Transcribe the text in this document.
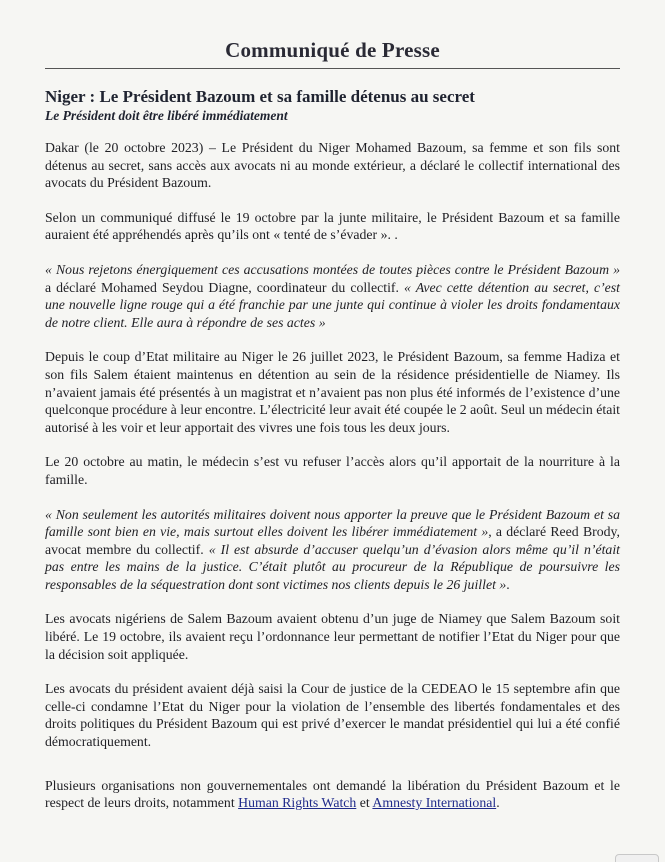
Communiqué de Presse
Niger : Le Président Bazoum et sa famille détenus au secret
Le Président doit être libéré immédiatement

Dakar (le 20 octobre 2023) – Le Président du Niger Mohamed Bazoum, sa femme et son fils sont détenus au secret, sans accès aux avocats ni au monde extérieur, a déclaré le collectif international des avocats du Président Bazoum.

Selon un communiqué diffusé le 19 octobre par la junte militaire, le Président Bazoum et sa famille auraient été appréhendés après qu’ils ont « tenté de s’évader ». .

« Nous rejetons énergiquement ces accusations montées de toutes pièces contre le Président Bazoum » a déclaré Mohamed Seydou Diagne, coordinateur du collectif. « Avec cette détention au secret, c’est une nouvelle ligne rouge qui a été franchie par une junte qui continue à violer les droits fondamentaux de notre client. Elle aura à répondre de ses actes »

Depuis le coup d’Etat militaire au Niger le 26 juillet 2023, le Président Bazoum, sa femme Hadiza et son fils Salem étaient maintenus en détention au sein de la résidence présidentielle de Niamey. Ils n’avaient jamais été présentés à un magistrat et n’avaient pas non plus été informés de l’existence d’une quelconque procédure à leur encontre. L’électricité leur avait été coupée le 2 août. Seul un médecin était autorisé à les voir et leur apportait des vivres une fois tous les deux jours.

Le 20 octobre au matin, le médecin s’est vu refuser l’accès alors qu’il apportait de la nourriture à la famille.

« Non seulement les autorités militaires doivent nous apporter la preuve que le Président Bazoum et sa famille sont bien en vie, mais surtout elles doivent les libérer immédiatement », a déclaré Reed Brody, avocat membre du collectif. « Il est absurde d’accuser quelqu’un d’évasion alors même qu’il n’était pas entre les mains de la justice. C’était plutôt au procureur de la République de poursuivre les responsables de la séquestration dont sont victimes nos clients depuis le 26 juillet ».

Les avocats nigériens de Salem Bazoum avaient obtenu d’un juge de Niamey que Salem Bazoum soit libéré. Le 19 octobre, ils avaient reçu l’ordonnance leur permettant de notifier l’Etat du Niger pour que la décision soit appliquée.

Les avocats du président avaient déjà saisi la Cour de justice de la CEDEAO le 15 septembre afin que celle-ci condamne l’Etat du Niger pour la violation de l’ensemble des libertés fondamentales et des droits politiques du Président Bazoum qui est privé d’exercer le mandat présidentiel qui lui a été confié démocratiquement.

Plusieurs organisations non gouvernementales ont demandé la libération du Président Bazoum et le respect de leurs droits, notamment Human Rights Watch et Amnesty International.
